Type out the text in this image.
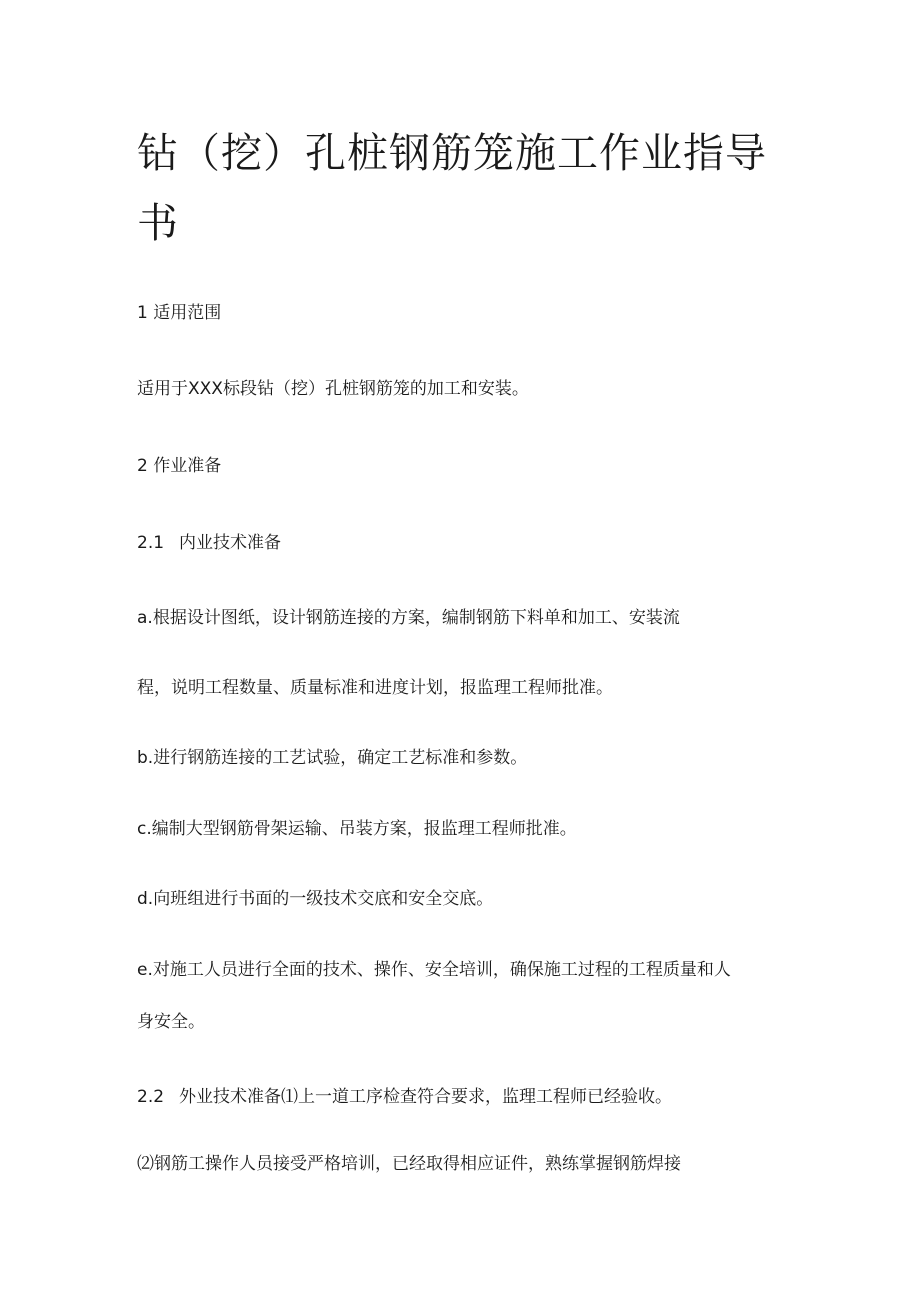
钻（挖）孔桩钢筋笼施工作业指导书

1 适用范围

适用于XXX标段钻（挖）孔桩钢筋笼的加工和安装。

2 作业准备

2.1 内业技术准备

a.根据设计图纸，设计钢筋连接的方案，编制钢筋下料单和加工、安装流

程，说明工程数量、质量标准和进度计划，报监理工程师批准。

b.进行钢筋连接的工艺试验，确定工艺标准和参数。

c.编制大型钢筋骨架运输、吊装方案，报监理工程师批准。

d.向班组进行书面的一级技术交底和安全交底。

e.对施工人员进行全面的技术、操作、安全培训，确保施工过程的工程质量和人

身安全。

2.2 外业技术准备⑴上一道工序检查符合要求，监理工程师已经验收。

⑵钢筋工操作人员接受严格培训，已经取得相应证件，熟练掌握钢筋焊接
